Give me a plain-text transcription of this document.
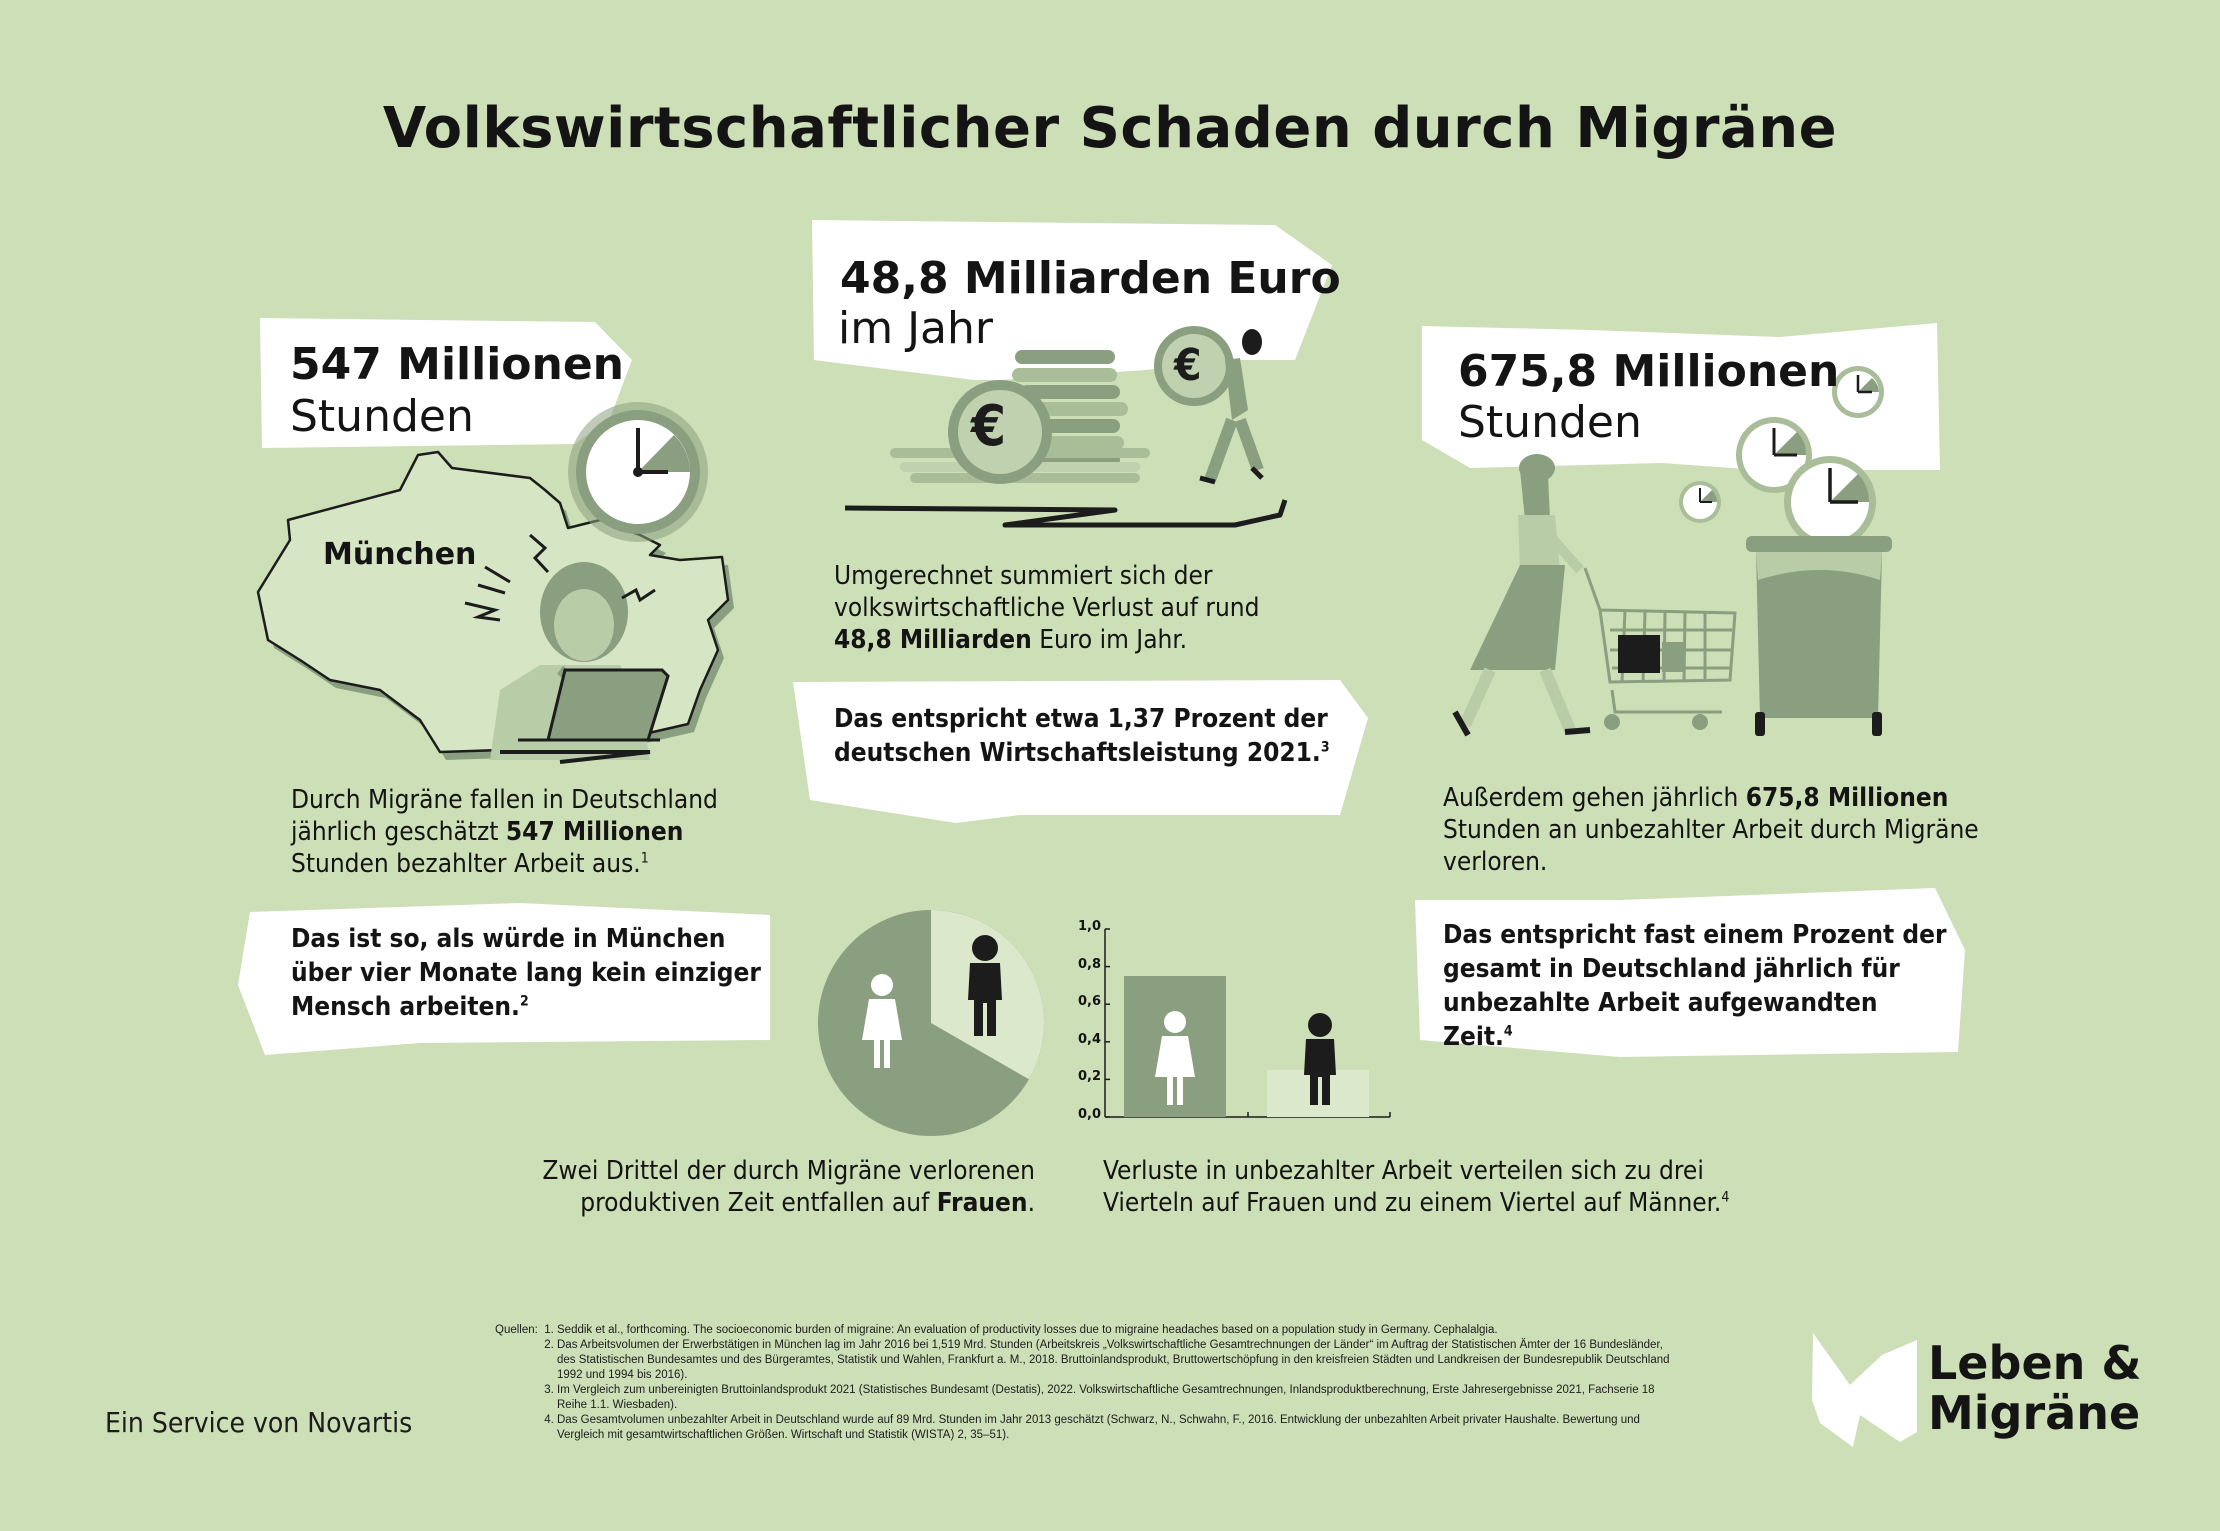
Volkswirtschaftlicher Schaden durch Migräne
547 Millionen
Stunden
München
Durch Migräne fallen in Deutschland jährlich geschätzt 547 Millionen Stunden bezahlter Arbeit aus.$^1$
Das ist so, als würde in München über vier Monate lang kein einziger Mensch arbeiten.$^2$
48,8 Milliarden Euro
im Jahr
€
€
Umgerechnet summiert sich der volkswirtschaftliche Verlust auf rund 48,8 Milliarden Euro im Jahr.
Das entspricht etwa 1,37 Prozent der deutschen Wirtschaftsleistung 2021.$^3$
675,8 Millionen
Stunden
Außerdem gehen jährlich 675,8 Millionen Stunden an unbezahlter Arbeit durch Migräne verloren.
Das entspricht fast einem Prozent der gesamt in Deutschland jährlich für unbezahlte Arbeit aufgewandten Zeit.$^4$
0,0
0,2
0,4
0,6
0,8
1,0
Zwei Drittel der durch Migräne verlorenen produktiven Zeit entfallen auf Frauen.
Verluste in unbezahlter Arbeit verteilen sich zu drei Vierteln auf Frauen und zu einem Viertel auf Männer.$^4$
Ein Service von Novartis
Quellen: 1. Seddik et al., forthcoming. The socioeconomic burden of migraine: An evaluation of productivity losses due to migraine headaches based on a population study in Germany. Cephalalgia.
2. Das Arbeitsvolumen der Erwerbstätigen in München lag im Jahr 2016 bei 1,519 Mrd. Stunden (Arbeitskreis „Volkswirtschaftliche Gesamtrechnungen der Länder“ im Auftrag der Statistischen Ämter der 16 Bundesländer, des Statistischen Bundesamtes und des Bürgeramtes, Statistik und Wahlen, Frankfurt a. M., 2018. Bruttoinlandsprodukt, Bruttowertschöpfung in den kreisfreien Städten und Landkreisen der Bundesrepublik Deutschland 1992 und 1994 bis 2016).
3. Im Vergleich zum unbereinigten Bruttoinlandsprodukt 2021 (Statistisches Bundesamt (Destatis), 2022. Volkswirtschaftliche Gesamtrechnungen, Inlandsproduktberechnung, Erste Jahresergebnisse 2021, Fachserie 18 Reihe 1.1. Wiesbaden).
4. Das Gesamtvolumen unbezahlter Arbeit in Deutschland wurde auf 89 Mrd. Stunden im Jahr 2013 geschätzt (Schwarz, N., Schwahn, F., 2016. Entwicklung der unbezahlten Arbeit privater Haushalte. Bewertung und Vergleich mit gesamtwirtschaftlichen Größen. Wirtschaft und Statistik (WISTA) 2, 35–51).
Leben &
Migräne
